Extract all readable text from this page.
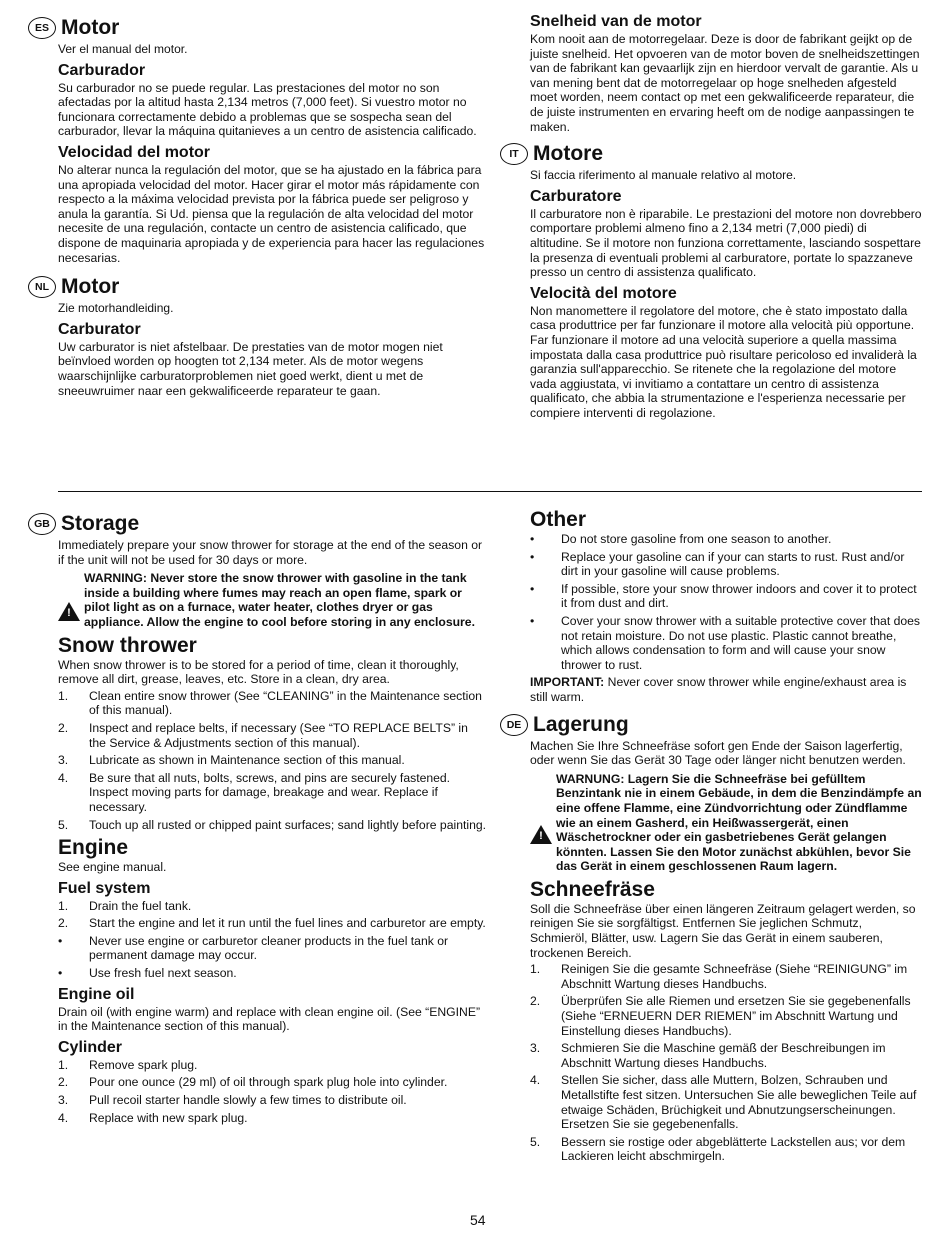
ES Motor

Ver el manual del motor.

Carburador

Su carburador no se puede regular. Las prestaciones del motor no son afectadas por la altitud hasta 2,134 metros (7,000 feet). Si vuestro motor no funcionara correctamente debido a problemas que se sospecha sean del carburador, llevar la máquina quitanieves a un centro de asistencia calificado.

Velocidad del motor

No alterar nunca la regulación del motor, que se ha ajustado en la fábrica para una apropiada velocidad del motor. Hacer girar el motor más rápidamente con respecto a la máxima velocidad prevista por la fábrica puede ser peligroso y anula la garantía. Si Ud. piensa que la regulación de alta velocidad del motor necesite de una regulación, contacte un centro de asistencia calificado, que dispone de maquinaria apropiada y de experiencia para hacer las regulaciones necesarias.

NL Motor

Zie motorhandleiding.

Carburator

Uw carburator is niet afstelbaar. De prestaties van de motor mogen niet beïnvloed worden op hoogten tot 2,134 meter. Als de motor wegens waarschijnlijke carburatorproblemen niet goed werkt, dient u met de sneeuwruimer naar een gekwalificeerde reparateur te gaan.

Snelheid van de motor

Kom nooit aan de motorregelaar. Deze is door de fabrikant geijkt op de juiste snelheid. Het opvoeren van de motor boven de snelheidszettingen van de fabrikant kan gevaarlijk zijn en hierdoor vervalt de garantie. Als u van mening bent dat de motorregelaar op hoge snelheden afgesteld moet worden, neem contact op met een gekwalificeerde reparateur, die de juiste instrumenten en ervaring heeft om de nodige aanpassingen te maken.

IT Motore

Si faccia riferimento al manuale relativo al motore.

Carburatore

Il carburatore non è riparabile. Le prestazioni del motore non dovrebbero comportare problemi almeno fino a 2,134 metri (7,000 piedi) di altitudine. Se il motore non funziona correttamente, lasciando sospettare la presenza di eventuali problemi al carburatore, portate lo spazzaneve presso un centro di assistenza qualificato.

Velocità del motore

Non manomettere il regolatore del motore, che è stato impostato dalla casa produttrice per far funzionare il motore alla velocità più opportune. Far funzionare il motore ad una velocità superiore a quella massima impostata dalla casa produttrice può risultare pericoloso ed invaliderà la garanzia sull'apparecchio. Se ritenete che la regolazione del motore vada aggiustata, vi invitiamo a contattare un centro di assistenza qualificato, che abbia la strumentazione e l'esperienza necessarie per compiere interventi di regolazione.

GB Storage

Immediately prepare your snow thrower for storage at the end of the season or if the unit will not be used for 30 days or more.

!
WARNING: Never store the snow thrower with gasoline in the tank inside a building where fumes may reach an open flame, spark or pilot light as on a furnace, water heater, clothes dryer or gas appliance. Allow the engine to cool before storing in any enclosure.
Snow thrower

When snow thrower is to be stored for a period of time, clean it thoroughly, remove all dirt, grease, leaves, etc. Store in a clean, dry area.

1.	Clean entire snow thrower (See “CLEANING” in the Maintenance section of this manual).
2.	Inspect and replace belts, if necessary (See “TO REPLACE BELTS” in the Service & Adjustments section of this manual).
3.	Lubricate as shown in Maintenance section of this manual.
4.	Be sure that all nuts, bolts, screws, and pins are securely fastened. Inspect moving parts for damage, breakage and wear. Replace if necessary.
5.	Touch up all rusted or chipped paint surfaces; sand lightly before painting.
Engine

See engine manual.

Fuel system
1.	Drain the fuel tank.
2.	Start the engine and let it run until the fuel lines and carburetor are empty.
•	Never use engine or carburetor cleaner products in the fuel tank or permanent damage may occur.
•	Use fresh fuel next season.
Engine oil

Drain oil (with engine warm) and replace with clean engine oil. (See “ENGINE” in the Maintenance section of this manual).

Cylinder
1.	Remove spark plug.
2.	Pour one ounce (29 ml) of oil through spark plug hole into cylinder.
3.	Pull recoil starter handle slowly a few times to distribute oil.
4.	Replace with new spark plug.
Other
•	Do not store gasoline from one season to another.
•	Replace your gasoline can if your can starts to rust. Rust and/or dirt in your gasoline will cause problems.
•	If possible, store your snow thrower indoors and cover it to protect it from dust and dirt.
•	Cover your snow thrower with a suitable protective cover that does not retain moisture. Do not use plastic. Plastic cannot breathe, which allows condensation to form and will cause your snow thrower to rust.

IMPORTANT: Never cover snow thrower while engine/exhaust area is still warm.

DE Lagerung

Machen Sie Ihre Schneefräse sofort gen Ende der Saison lagerfertig, oder wenn Sie das Gerät 30 Tage oder länger nicht benutzen werden.

!
WARNUNG: Lagern Sie die Schneefräse bei gefülltem Benzintank nie in einem Gebäude, in dem die Benzindämpfe an eine offene Flamme, eine Zündvorrichtung oder Zündflamme wie an einem Gasherd, ein Heißwassergerät, einen Wäschetrockner oder ein gasbetriebenes Gerät gelangen könnten. Lassen Sie den Motor zunächst abkühlen, bevor Sie das Gerät in einem geschlossenen Raum lagern.
Schneefräse

Soll die Schneefräse über einen längeren Zeitraum gelagert werden, so reinigen Sie sie sorgfältigst. Entfernen Sie jeglichen Schmutz, Schmieröl, Blätter, usw. Lagern Sie das Gerät in einem sauberen, trockenen Bereich.

1.	Reinigen Sie die gesamte Schneefräse (Siehe “REINIGUNG” im Abschnitt Wartung dieses Handbuchs.
2.	Überprüfen Sie alle Riemen und ersetzen Sie sie gegebenenfalls (Siehe “ERNEUERN DER RIEMEN” im Abschnitt Wartung und Einstellung dieses Handbuchs).
3.	Schmieren Sie die Maschine gemäß der Beschreibungen im Abschnitt Wartung dieses Handbuchs.
4.	Stellen Sie sicher, dass alle Muttern, Bolzen, Schrauben und Metallstifte fest sitzen. Untersuchen Sie alle beweglichen Teile auf etwaige Schäden, Brüchigkeit und Abnutzungserscheinungen. Ersetzen Sie sie gegebenenfalls.
5.	Bessern sie rostige oder abgeblätterte Lackstellen aus; vor dem Lackieren leicht abschmirgeln.
54
